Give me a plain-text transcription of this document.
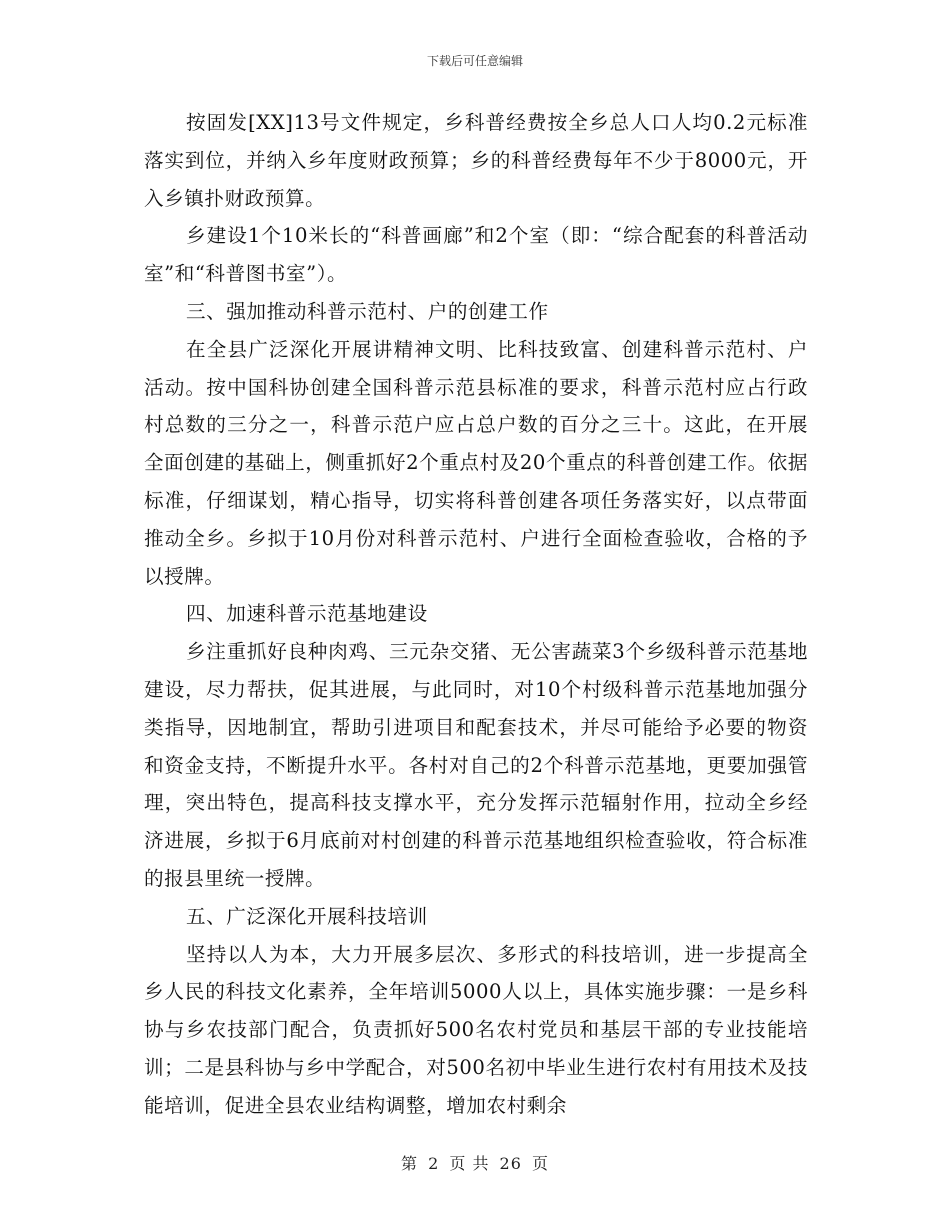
下载后可任意编辑

按固发[XX]13号文件规定，乡科普经费按全乡总人口人均0.2元标准落实到位，并纳入乡年度财政预算；乡的科普经费每年不少于8000元，开入乡镇扑财政预算。

乡建设1个10米长的“科普画廊”和2个室（即：“综合配套的科普活动室”和“科普图书室”）。

三、强加推动科普示范村、户的创建工作

在全县广泛深化开展讲精神文明、比科技致富、创建科普示范村、户活动。按中国科协创建全国科普示范县标准的要求，科普示范村应占行政村总数的三分之一，科普示范户应占总户数的百分之三十。这此，在开展全面创建的基础上，侧重抓好2个重点村及20个重点的科普创建工作。依据标准，仔细谋划，精心指导，切实将科普创建各项任务落实好，以点带面推动全乡。乡拟于10月份对科普示范村、户进行全面检查验收，合格的予以授牌。

四、加速科普示范基地建设

乡注重抓好良种肉鸡、三元杂交猪、无公害蔬菜3个乡级科普示范基地建设，尽力帮扶，促其进展，与此同时，对10个村级科普示范基地加强分类指导，因地制宜，帮助引进项目和配套技术，并尽可能给予必要的物资和资金支持，不断提升水平。各村对自己的2个科普示范基地，更要加强管理，突出特色，提高科技支撑水平，充分发挥示范辐射作用，拉动全乡经济进展，乡拟于6月底前对村创建的科普示范基地组织检查验收，符合标准的报县里统一授牌。

五、广泛深化开展科技培训

坚持以人为本，大力开展多层次、多形式的科技培训，进一步提高全乡人民的科技文化素养，全年培训5000人以上，具体实施步骤：一是乡科协与乡农技部门配合，负责抓好500名农村党员和基层干部的专业技能培训；二是县科协与乡中学配合，对500名初中毕业生进行农村有用技术及技能培训，促进全县农业结构调整，增加农村剩余

第 2 页 共 26 页
